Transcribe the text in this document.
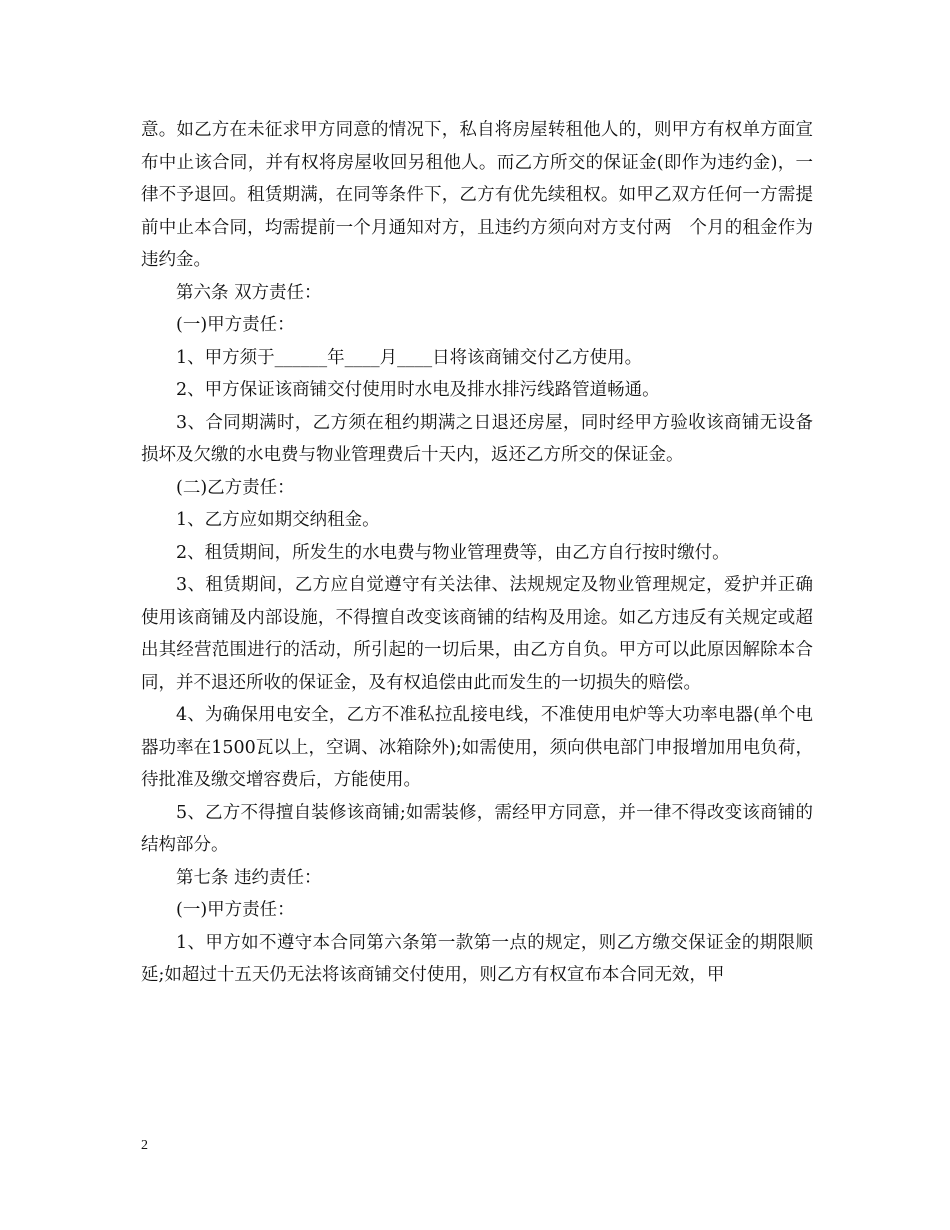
意。如乙方在未征求甲方同意的情况下，私自将房屋转租他人的，则甲方有权单方面宣布中止该合同，并有权将房屋收回另租他人。而乙方所交的保证金(即作为违约金)，一律不予退回。租赁期满，在同等条件下，乙方有优先续租权。如甲乙双方任何一方需提前中止本合同，均需提前一个月通知对方，且违约方须向对方支付两　个月的租金作为违约金。

第六条 双方责任：

(一)甲方责任：

1、甲方须于______年____月____日将该商铺交付乙方使用。

2、甲方保证该商铺交付使用时水电及排水排污线路管道畅通。

3、合同期满时，乙方须在租约期满之日退还房屋，同时经甲方验收该商铺无设备损坏及欠缴的水电费与物业管理费后十天内，返还乙方所交的保证金。

(二)乙方责任：

1、乙方应如期交纳租金。

2、租赁期间，所发生的水电费与物业管理费等，由乙方自行按时缴付。

3、租赁期间，乙方应自觉遵守有关法律、法规规定及物业管理规定，爱护并正确使用该商铺及内部设施，不得擅自改变该商铺的结构及用途。如乙方违反有关规定或超出其经营范围进行的活动，所引起的一切后果，由乙方自负。甲方可以此原因解除本合同，并不退还所收的保证金，及有权追偿由此而发生的一切损失的赔偿。

4、为确保用电安全，乙方不准私拉乱接电线，不准使用电炉等大功率电器(单个电器功率在1500瓦以上，空调、冰箱除外);如需使用，须向供电部门申报增加用电负荷，待批准及缴交增容费后，方能使用。

5、乙方不得擅自装修该商铺;如需装修，需经甲方同意，并一律不得改变该商铺的结构部分。

第七条 违约责任：

(一)甲方责任：

1、甲方如不遵守本合同第六条第一款第一点的规定，则乙方缴交保证金的期限顺延;如超过十五天仍无法将该商铺交付使用，则乙方有权宣布本合同无效，甲

2
